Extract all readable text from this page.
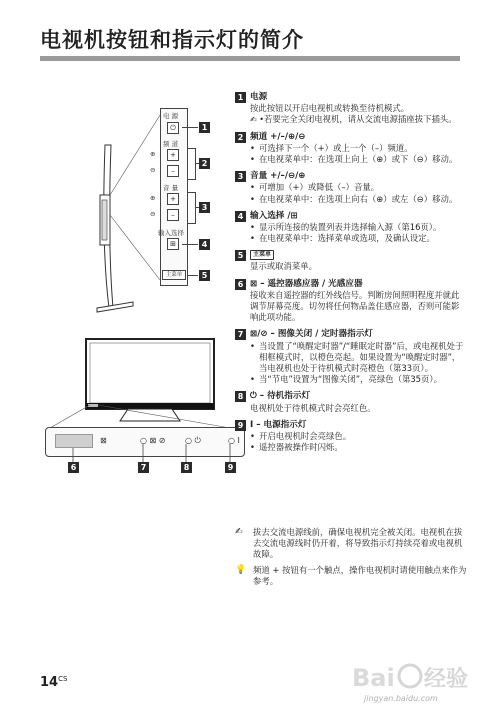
电视机按钮和指示灯的简介
电 源
⏻
频 道
+
–
音 量
+
–
输入选择
⊞
主菜单
⊕
⊖
⊕
⊖
1
2
3
4
5
⊠	○ ⊠ ⊘ ○ ⏻	○ I
6	7	8	9
1 电源
按此按钮以开启电视机或转换至待机模式。
✍ • 若要完全关闭电视机，请从交流电源插座拔下插头。
2 频道 +/–/⊕/⊖
• 可选择下一个（+）或上一个（–）频道。
• 在电视菜单中：在选项上向上（⊕）或下（⊖）移动。
3 音量 +/–/⊖/⊕
• 可增加（+）或降低（–）音量。
• 在电视菜单中：在选项上向右（⊕）或左（⊖）移动。
4 输入选择 /⊞
• 显示所连接的装置列表并选择输入源（第16页）。
• 在电视菜单中：选择菜单或选项，及确认设定。
5	主菜单
显示或取消菜单。
6 ⊠ – 遥控器感应器 / 光感应器
接收来自遥控器的红外线信号。判断房间照明程度并就此调节屏幕亮度。切勿将任何物品盖住感应器，否则可能影响此项功能。
7 ⊠/⊘ – 图像关闭 / 定时器指示灯
• 当设置了“唤醒定时器”/“睡眠定时器”后，或电视机处于相框模式时，以橙色亮起。如果设置为“唤醒定时器”，当电视机也处于待机模式时亮橙色（第33页）。
• 当“节电”设置为“图像关闭”，亮绿色（第35页）。
8 ⏻ – 待机指示灯
电视机处于待机模式时会亮红色。
9 I – 电源指示灯
• 开启电视机时会亮绿色。
• 遥控器被操作时闪烁。
✍	拔去交流电源线前，确保电视机完全被关闭。电视机在拔去交流电源线时仍开着，将导致指示灯持续亮着或电视机故障。
💡 频道 + 按钮有一个触点，操作电视机时请使用触点来作为参考。
$14^{CS}$	Bai 经验
jingyan.baidu.com
